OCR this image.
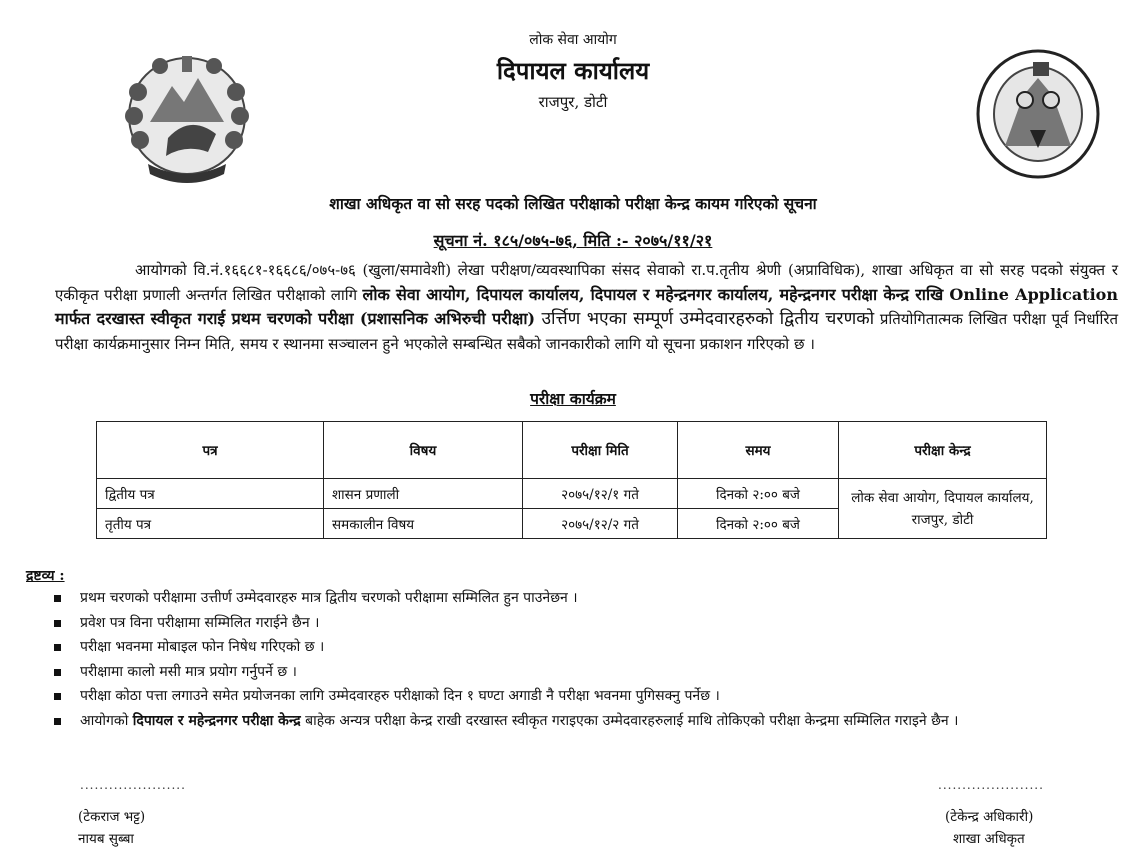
लोक सेवा आयोग
दिपायल कार्यालय
राजपुर, डोटी
शाखा अधिकृत वा सो सरह पदको लिखित परीक्षाको परीक्षा केन्द्र कायम गरिएको सूचना
सूचना नं. १८५/०७५-७६, मिति :- २०७५/११/२१
आयोगको वि.नं.१६६८१-१६६८६/०७५-७६ (खुला/समावेशी) लेखा परीक्षण/व्यवस्थापिका संसद सेवाको रा.प.तृतीय श्रेणी (अप्राविधिक), शाखा अधिकृत वा सो सरह पदको संयुक्त र एकीकृत परीक्षा प्रणाली अन्तर्गत लिखित परीक्षाको लागि लोक सेवा आयोग, दिपायल कार्यालय, दिपायल र महेन्द्रनगर कार्यालय, महेन्द्रनगर परीक्षा केन्द्र राखि Online Application मार्फत दरखास्त स्वीकृत गराई प्रथम चरणको परीक्षा (प्रशासनिक अभिरुची परीक्षा) उर्त्तिण भएका सम्पूर्ण उम्मेदवारहरुको द्वितीय चरणको प्रतियोगितात्मक लिखित परीक्षा पूर्व निर्धारित परीक्षा कार्यक्रमानुसार निम्न मिति, समय र स्थानमा सञ्चालन हुने भएकोले सम्बन्धित सबैको जानकारीको लागि यो सूचना प्रकाशन गरिएको छ ।
परीक्षा कार्यक्रम
पत्र	विषय	परीक्षा मिति	समय	परीक्षा केन्द्र
द्वितीय पत्र	शासन प्रणाली	२०७५/१२/१ गते	दिनको २:०० बजे	लोक सेवा आयोग, दिपायल कार्यालय, राजपुर, डोटी
तृतीय पत्र	समकालीन विषय	२०७५/१२/२ गते	दिनको २:०० बजे	
द्रष्टव्य :
प्रथम चरणको परीक्षामा उत्तीर्ण उम्मेदवारहरु मात्र द्वितीय चरणको परीक्षामा सम्मिलित हुन पाउनेछन ।
प्रवेश पत्र विना परीक्षामा सम्मिलित गराईने छैन ।
परीक्षा भवनमा मोबाइल फोन निषेध गरिएको छ ।
परीक्षामा कालो मसी मात्र प्रयोग गर्नुपर्ने छ ।
परीक्षा कोठा पत्ता लगाउने समेत प्रयोजनका लागि उम्मेदवारहरु परीक्षाको दिन १ घण्टा अगाडी नै परीक्षा भवनमा पुगिसक्नु पर्नेछ ।
आयोगको दिपायल र महेन्द्रनगर परीक्षा केन्द्र बाहेक अन्यत्र परीक्षा केन्द्र राखी दरखास्त स्वीकृत गराइएका उम्मेदवारहरुलाई माथि तोकिएको परीक्षा केन्द्रमा सम्मिलित गराइने छैन ।
......................	......................
(टेकराज भट्ट)
नायब सुब्बा
(टेकेन्द्र अधिकारी)
शाखा अधिकृत
